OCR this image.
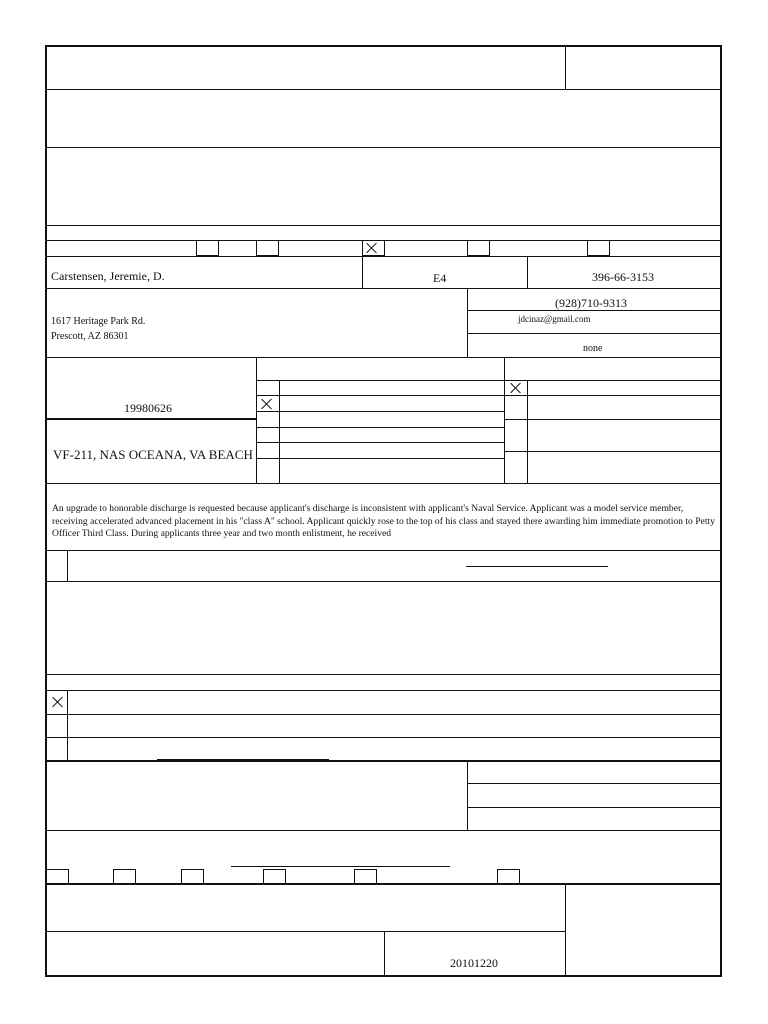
Carstensen, Jeremie, D.	E4	396-66-3153
1617 Heritage Park Rd.
Prescott, AZ 86301
(928)710-9313
jdcinaz@gmail.com
none
19980626
VF-211, NAS OCEANA, VA BEACH
An upgrade to honorable discharge is requested because applicant's discharge is inconsistent with applicant's Naval Service. Applicant was a model service member, receiving accelerated advanced placement in his "class A" school. Applicant quickly rose to the top of his class and stayed there awarding him immediate promotion to Petty Officer Third Class. During applicants three year and two month enlistment, he received
20101220
